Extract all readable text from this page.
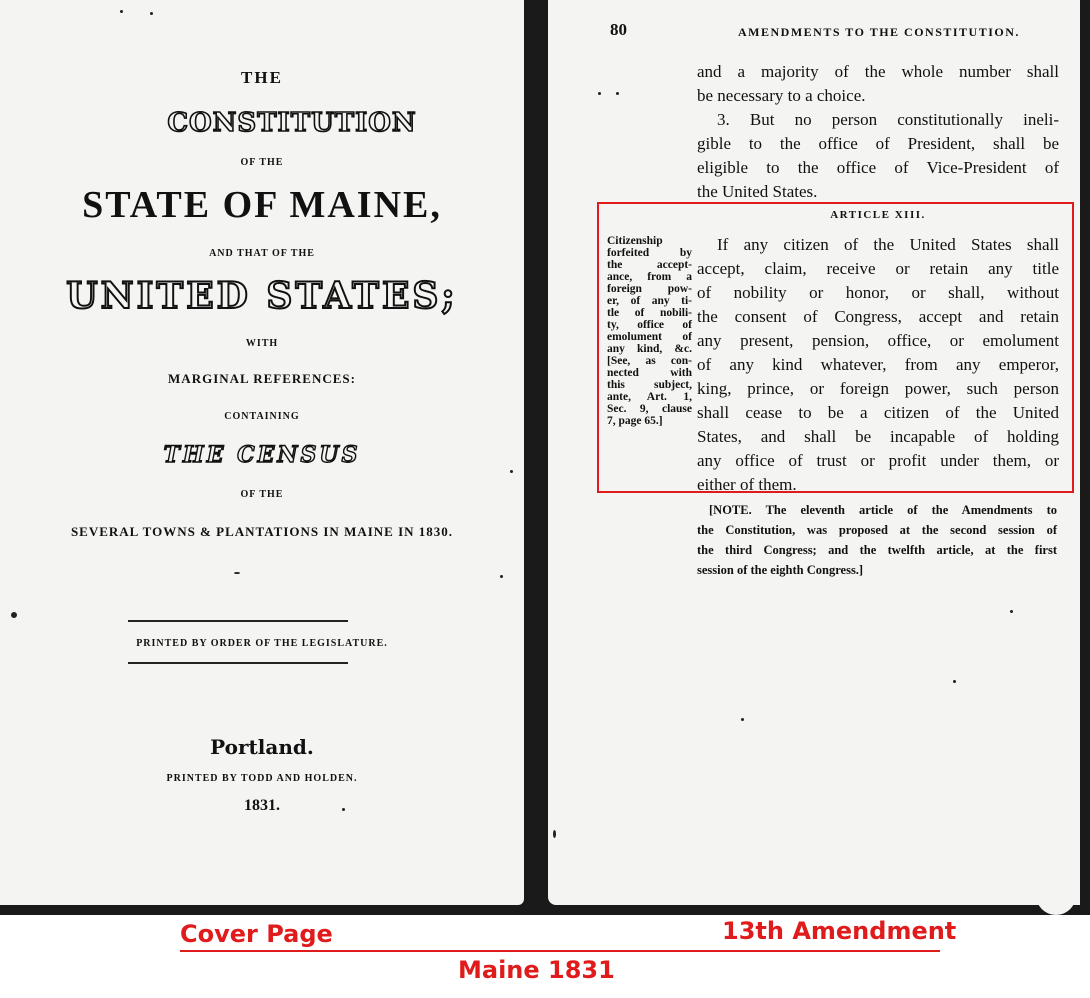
THE
CONSTITUTION
OF THE
STATE OF MAINE,
AND THAT OF THE
UNITED STATES;
WITH
MARGINAL REFERENCES:
CONTAINING
THE CENSUS
OF THE
SEVERAL TOWNS & PLANTATIONS IN MAINE IN 1830.
PRINTED BY ORDER OF THE LEGISLATURE.
Portland.
PRINTED BY TODD AND HOLDEN.
1831.
80	AMENDMENTS TO THE CONSTITUTION.
and a majority of the whole number shall
be necessary to a choice.
3. But no person constitutionally ineli-
gible to the office of President, shall be
eligible to the office of Vice-President of
the United States.
ARTICLE XIII.
Citizenship
forfeited by
the accept-
ance, from a
foreign pow-
er, of any ti-
tle of nobili-
ty, office of
emolument of
any kind, &c.
[See, as con-
nected with
this subject,
ante, Art. 1,
Sec. 9, clause
7, page 65.]
If any citizen of the United States shall
accept, claim, receive or retain any title
of nobility or honor, or shall, without
the consent of Congress, accept and retain
any present, pension, office, or emolument
of any kind whatever, from any emperor,
king, prince, or foreign power, such person
shall cease to be a citizen of the United
States, and shall be incapable of holding
any office of trust or profit under them, or
either of them.
[NOTE. The eleventh article of the Amendments to
the Constitution, was proposed at the second session of
the third Congress; and the twelfth article, at the first
session of the eighth Congress.]
Cover Page	13th Amendment
Maine 1831
